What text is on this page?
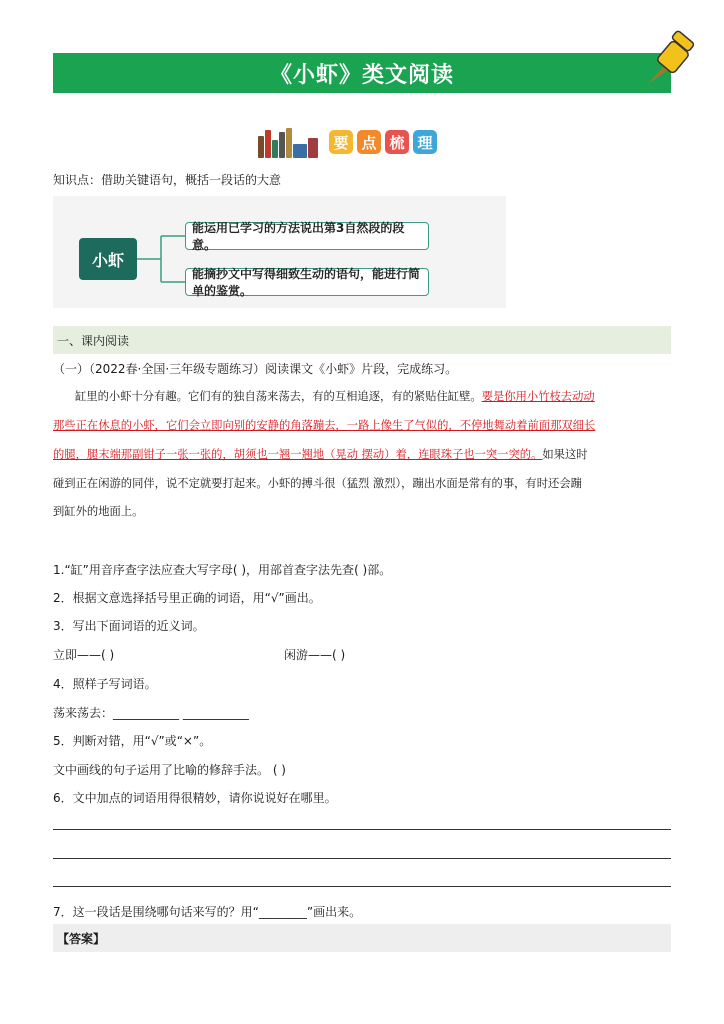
《小虾》类文阅读
要 点 梳 理
知识点：借助关键语句，概括一段话的大意
小虾
能运用已学习的方法说出第3自然段的段意。
能摘抄文中写得细致生动的语句，能进行简单的鉴赏。
一、课内阅读
（一）（2022春·全国·三年级专题练习）阅读课文《小虾》片段，完成练习。
缸里的小虾十分有趣。它们有的独自荡来荡去，有的互相追逐，有的紧贴住缸壁。要是你用小竹枝去动动
那些正在休息的小虾，它们会立即向别的安静的角落蹦去，一路上像生了气似的，不停地舞动着前面那双细长
的腿，腿末端那副钳子一张一张的，胡须也一翘一翘地（晃动 摆动）着，连眼珠子也一突一突的。如果这时
碰到正在闲游的同伴，说不定就要打起来。小虾的搏斗很（猛烈 激烈），蹦出水面是常有的事，有时还会蹦
到缸外的地面上。
1.“缸”用音序查字法应查大写字母( )，用部首查字法先查( )部。
2．根据文意选择括号里正确的词语，用“√”画出。
3．写出下面词语的近义词。
立即——( )	闲游——( )
4．照样子写词语。
荡来荡去：___________ ___________
5．判断对错，用“√”或“×”。
文中画线的句子运用了比喻的修辞手法。 ( )
6．文中加点的词语用得很精妙，请你说说好在哪里。
7．这一段话是围绕哪句话来写的？用“________”画出来。
【答案】
